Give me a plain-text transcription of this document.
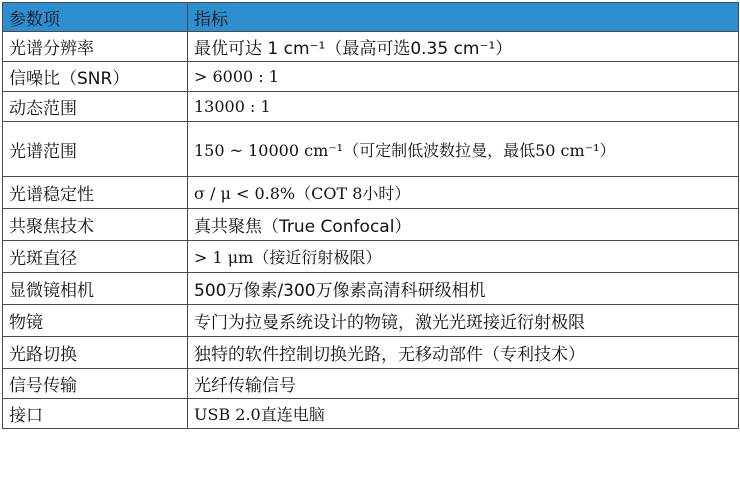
参数项	指标
光谱分辨率	最优可达 1 cm⁻¹（最高可选0.35 cm⁻¹）
信噪比（SNR）	> 6000 : 1
动态范围	13000 : 1
光谱范围	150 ~ 10000 cm⁻¹（可定制低波数拉曼，最低50 cm⁻¹）
光谱稳定性	σ / μ < 0.8%（COT 8小时）
共聚焦技术	真共聚焦（True Confocal）
光斑直径	> 1 μm（接近衍射极限）
显微镜相机	500万像素/300万像素高清科研级相机
物镜	专门为拉曼系统设计的物镜，激光光斑接近衍射极限
光路切换	独特的软件控制切换光路，无移动部件（专利技术）
信号传输	光纤传输信号
接口	USB 2.0直连电脑
